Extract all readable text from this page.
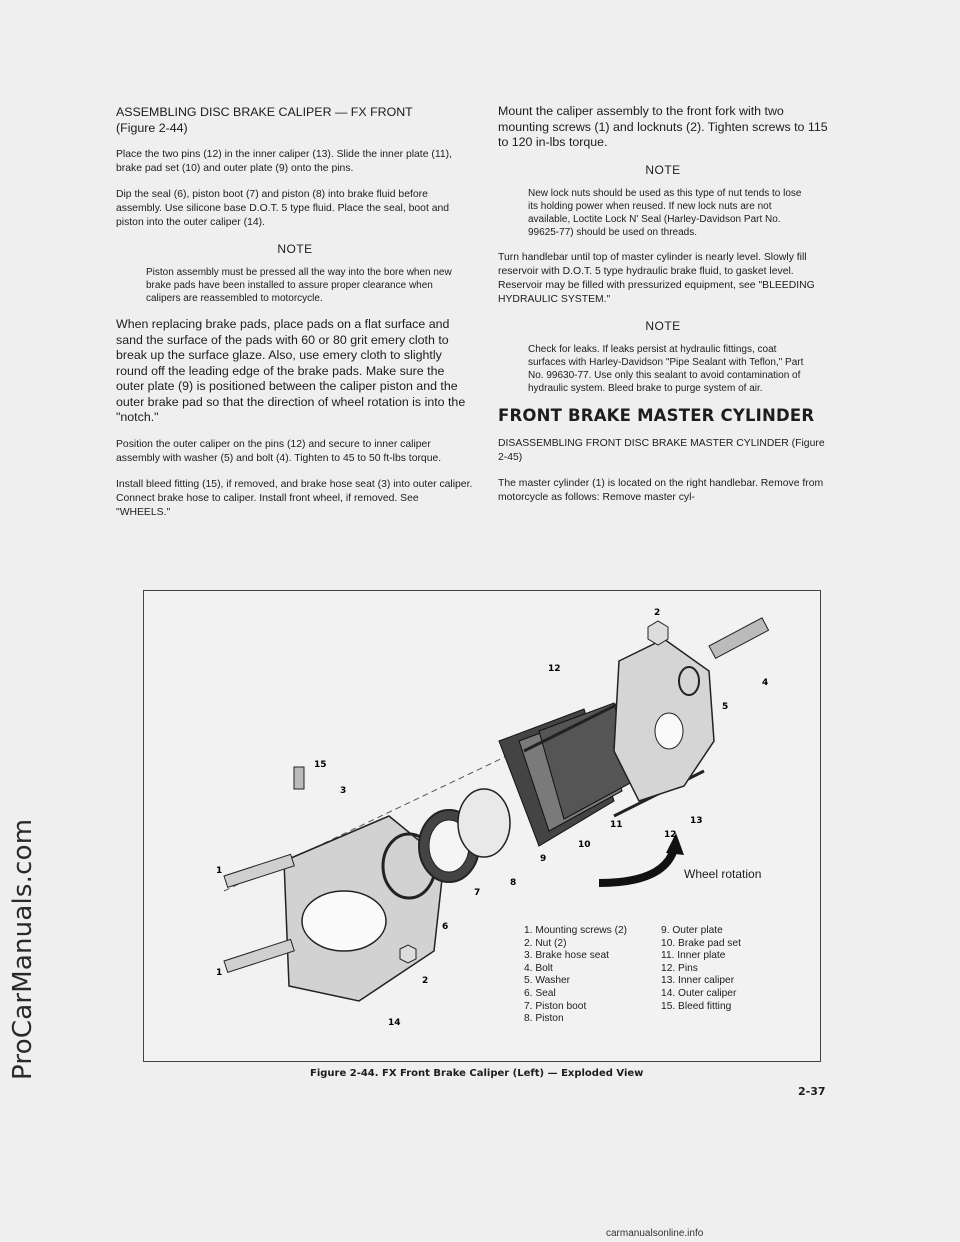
ProCarManuals.com
ASSEMBLING DISC BRAKE CALIPER — FX FRONT
(Figure 2-44)

Place the two pins (12) in the inner caliper (13). Slide the inner plate (11), brake pad set (10) and outer plate (9) onto the pins.

Dip the seal (6), piston boot (7) and piston (8) into brake fluid before assembly. Use silicone base D.O.T. 5 type fluid. Place the seal, boot and piston into the outer caliper (14).

NOTE
Piston assembly must be pressed all the way into the bore when new brake pads have been installed to assure proper clearance when calipers are reassembled to motorcycle.

When replacing brake pads, place pads on a flat surface and sand the surface of the pads with 60 or 80 grit emery cloth to break up the surface glaze. Also, use emery cloth to slightly round off the leading edge of the brake pads. Make sure the outer plate (9) is positioned between the caliper piston and the outer brake pad so that the direction of wheel rotation is into the "notch."

Position the outer caliper on the pins (12) and secure to inner caliper assembly with washer (5) and bolt (4). Tighten to 45 to 50 ft-lbs torque.

Install bleed fitting (15), if removed, and brake hose seat (3) into outer caliper. Connect brake hose to caliper. Install front wheel, if removed. See "WHEELS."

Mount the caliper assembly to the front fork with two mounting screws (1) and locknuts (2). Tighten screws to 115 to 120 in-lbs torque.

NOTE
New lock nuts should be used as this type of nut tends to lose its holding power when reused. If new lock nuts are not available, Loctite Lock N' Seal (Harley-Davidson Part No. 99625-77) should be used on threads.

Turn handlebar until top of master cylinder is nearly level. Slowly fill reservoir with D.O.T. 5 type hydraulic brake fluid, to gasket level. Reservoir may be filled with pressurized equipment, see "BLEEDING HYDRAULIC SYSTEM."

NOTE
Check for leaks. If leaks persist at hydraulic fittings, coat surfaces with Harley-Davidson "Pipe Sealant with Teflon," Part No. 99630-77. Use only this sealant to avoid contamination of hydraulic system. Bleed brake to purge system of air.
FRONT BRAKE MASTER CYLINDER

DISASSEMBLING FRONT DISC BRAKE MASTER CYLINDER (Figure 2-45)

The master cylinder (1) is located on the right handlebar. Remove from motorcycle as follows: Remove master cyl-

1
1
2
2
3
4
5
6
7
8
9
10
11
12
12
13
14
15
Wheel rotation
1. Mounting screws (2)
2. Nut (2)
3. Brake hose seat
4. Bolt
5. Washer
6. Seal
7. Piston boot
8. Piston
9. Outer plate
10. Brake pad set
11. Inner plate
12. Pins
13. Inner caliper
14. Outer caliper
15. Bleed fitting
Figure 2-44. FX Front Brake Caliper (Left) — Exploded View
2-37
carmanualsonline.info
